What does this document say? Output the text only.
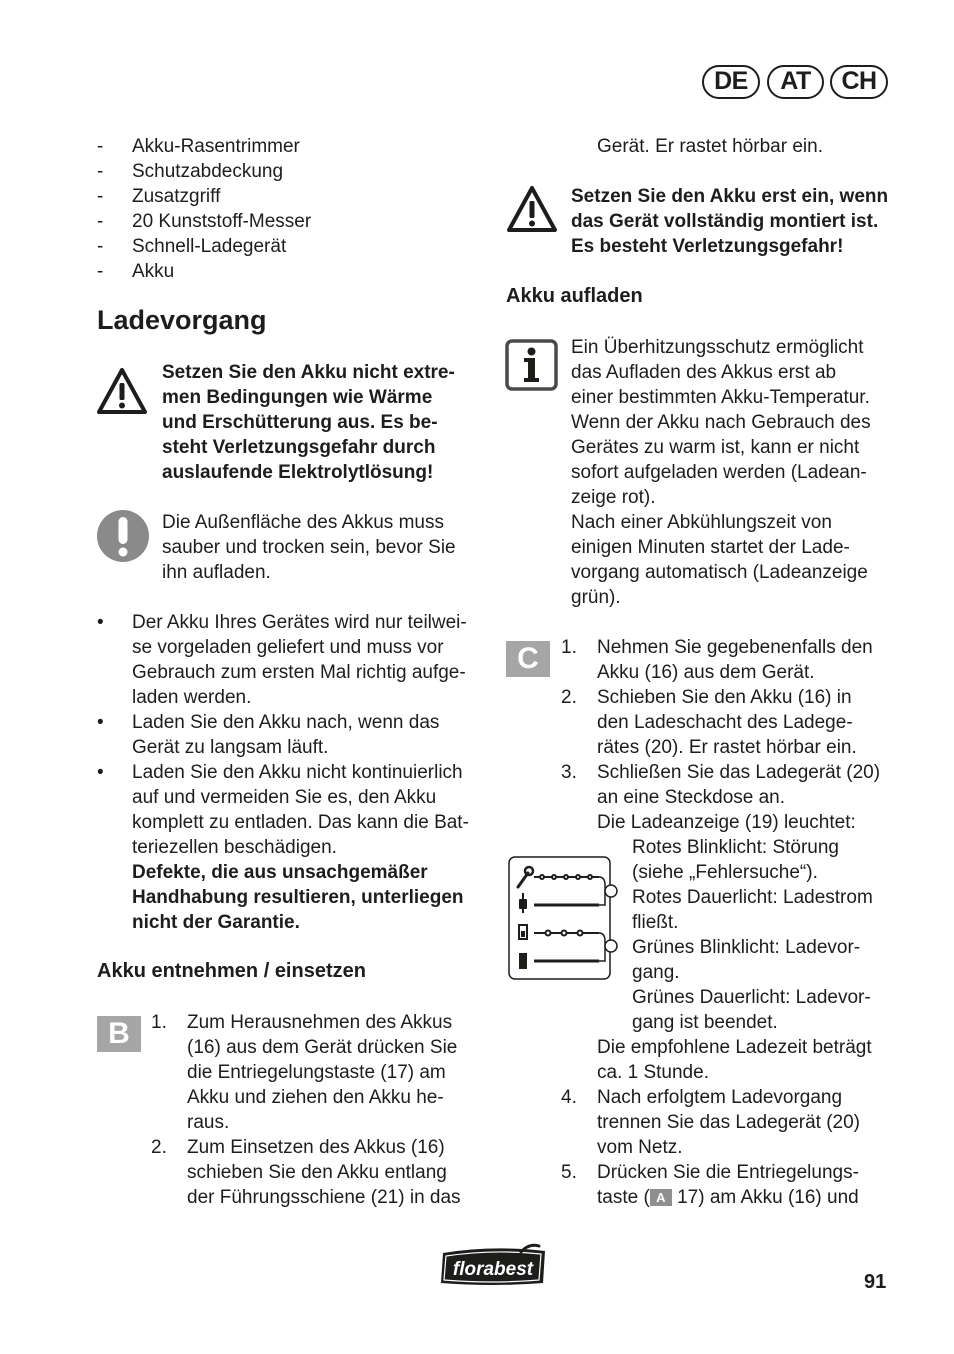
DE	AT	CH
- Akku-Rasentrimmer
- Schutzabdeckung
- Zusatzgriff
- 20 Kunststoff-Messer
- Schnell-Ladegerät
- Akku
Ladevorgang
Setzen Sie den Akku nicht extre-
men Bedingungen wie Wärme
und Erschütterung aus. Es be-
steht Verletzungsgefahr durch
auslaufende Elektrolytlösung!
Die Außenfläche des Akkus muss
sauber und trocken sein, bevor Sie
ihn aufladen.
• Der Akku Ihres Gerätes wird nur teilwei-
se vorgeladen geliefert und muss vor
Gebrauch zum ersten Mal richtig aufge-
laden werden.
• Laden Sie den Akku nach, wenn das
Gerät zu langsam läuft.
• Laden Sie den Akku nicht kontinuierlich
auf und vermeiden Sie es, den Akku
komplett zu entladen. Das kann die Bat-
teriezellen beschädigen.
Defekte, die aus unsachgemäßer
Handhabung resultieren, unterliegen
nicht der Garantie.
Akku entnehmen / einsetzen
B	1.	Zum Herausnehmen des Akkus
(16) aus dem Gerät drücken Sie
die Entriegelungstaste (17) am
Akku und ziehen den Akku he-
raus.
2.	Zum Einsetzen des Akkus (16)
schieben Sie den Akku entlang
der Führungsschiene (21) in das
Gerät. Er rastet hörbar ein.
Setzen Sie den Akku erst ein, wenn
das Gerät vollständig montiert ist.
Es besteht Verletzungsgefahr!
Akku aufladen
Ein Überhitzungsschutz ermöglicht
das Aufladen des Akkus erst ab
einer bestimmten Akku-Temperatur.
Wenn der Akku nach Gebrauch des
Gerätes zu warm ist, kann er nicht
sofort aufgeladen werden (Ladean-
zeige rot).
Nach einer Abkühlungszeit von
einigen Minuten startet der Lade-
vorgang automatisch (Ladeanzeige
grün).
C	1.	Nehmen Sie gegebenenfalls den
Akku (16) aus dem Gerät.
2.	Schieben Sie den Akku (16) in
den Ladeschacht des Ladege-
rätes (20). Er rastet hörbar ein.
3.	Schließen Sie das Ladegerät (20)
an eine Steckdose an.
Die Ladeanzeige (19) leuchtet:
Rotes Blinklicht: Störung
(siehe „Fehlersuche“).
Rotes Dauerlicht: Ladestrom
fließt.
Grünes Blinklicht: Ladevor-
gang.
Grünes Dauerlicht: Ladevor-
gang ist beendet.
Die empfohlene Ladezeit beträgt
ca. 1 Stunde.
4.	Nach erfolgtem Ladevorgang
trennen Sie das Ladegerät (20)
vom Netz.
5.	Drücken Sie die Entriegelungs-
taste ( A 17) am Akku (16) und
florabest
91
